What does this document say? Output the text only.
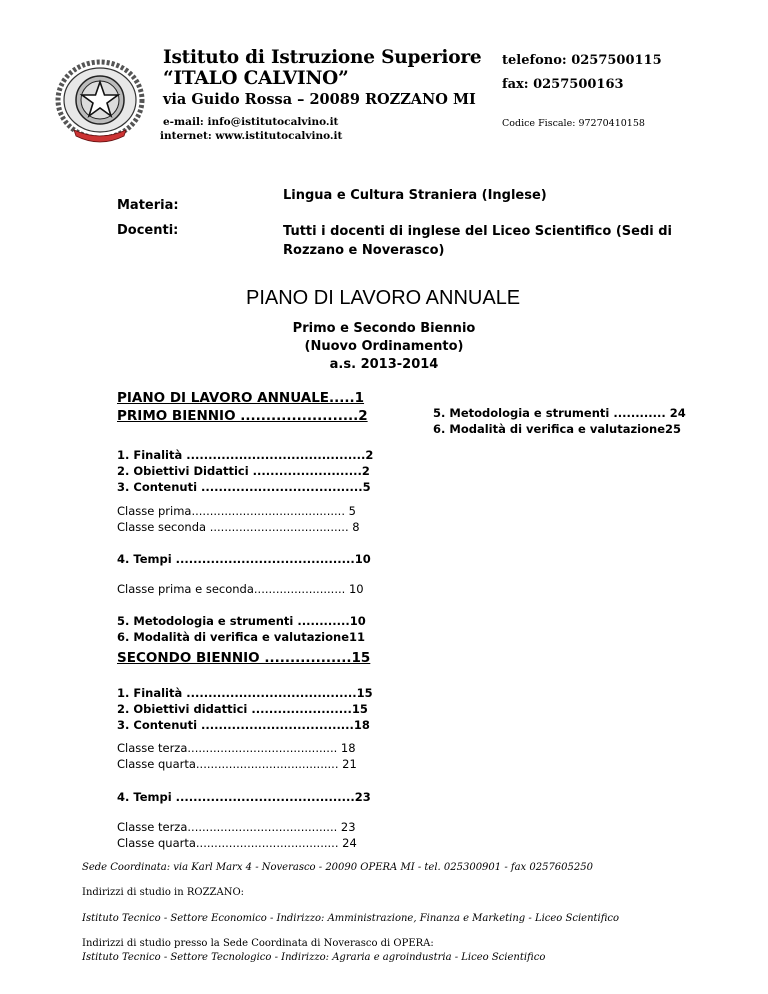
Istituto di Istruzione Superiore
“ITALO CALVINO”
via Guido Rossa – 20089 ROZZANO MI
telefono: 0257500115
fax: 0257500163
e-mail: info@istitutocalvino.it
internet: www.istitutocalvino.it
Codice Fiscale: 97270410158
Materia:
Lingua e Cultura Straniera (Inglese)
Docenti:	Tutti i docenti di inglese del Liceo Scientifico (Sedi di Rozzano e Noverasco)
PIANO DI LAVORO ANNUALE
Primo e Secondo Biennio
(Nuovo Ordinamento)
a.s. 2013-2014
PIANO DI LAVORO ANNUALE.....1
PRIMO BIENNIO .......................2
1. Finalità .........................................2
2. Obiettivi Didattici .........................2
3. Contenuti .....................................5
Classe prima.......................................... 5
Classe seconda ...................................... 8
4. Tempi .........................................10
Classe prima e seconda......................... 10
5. Metodologia e strumenti ............10
6. Modalità di verifica e valutazione11
SECONDO BIENNIO .................15
1. Finalità .......................................15
2. Obiettivi didattici .......................15
3. Contenuti ...................................18
Classe terza......................................... 18
Classe quarta....................................... 21
4. Tempi .........................................23
Classe terza......................................... 23
Classe quarta....................................... 24
5. Metodologia e strumenti ............ 24
6. Modalità di verifica e valutazione25
Sede Coordinata: via Karl Marx 4 - Noverasco - 20090 OPERA MI - tel. 025300901 - fax 0257605250
Indirizzi di studio in ROZZANO:
Istituto Tecnico - Settore Economico - Indirizzo: Amministrazione, Finanza e Marketing - Liceo Scientifico
Indirizzi di studio presso la Sede Coordinata di Noverasco di OPERA:
Istituto Tecnico - Settore Tecnologico - Indirizzo: Agraria e agroindustria - Liceo Scientifico
